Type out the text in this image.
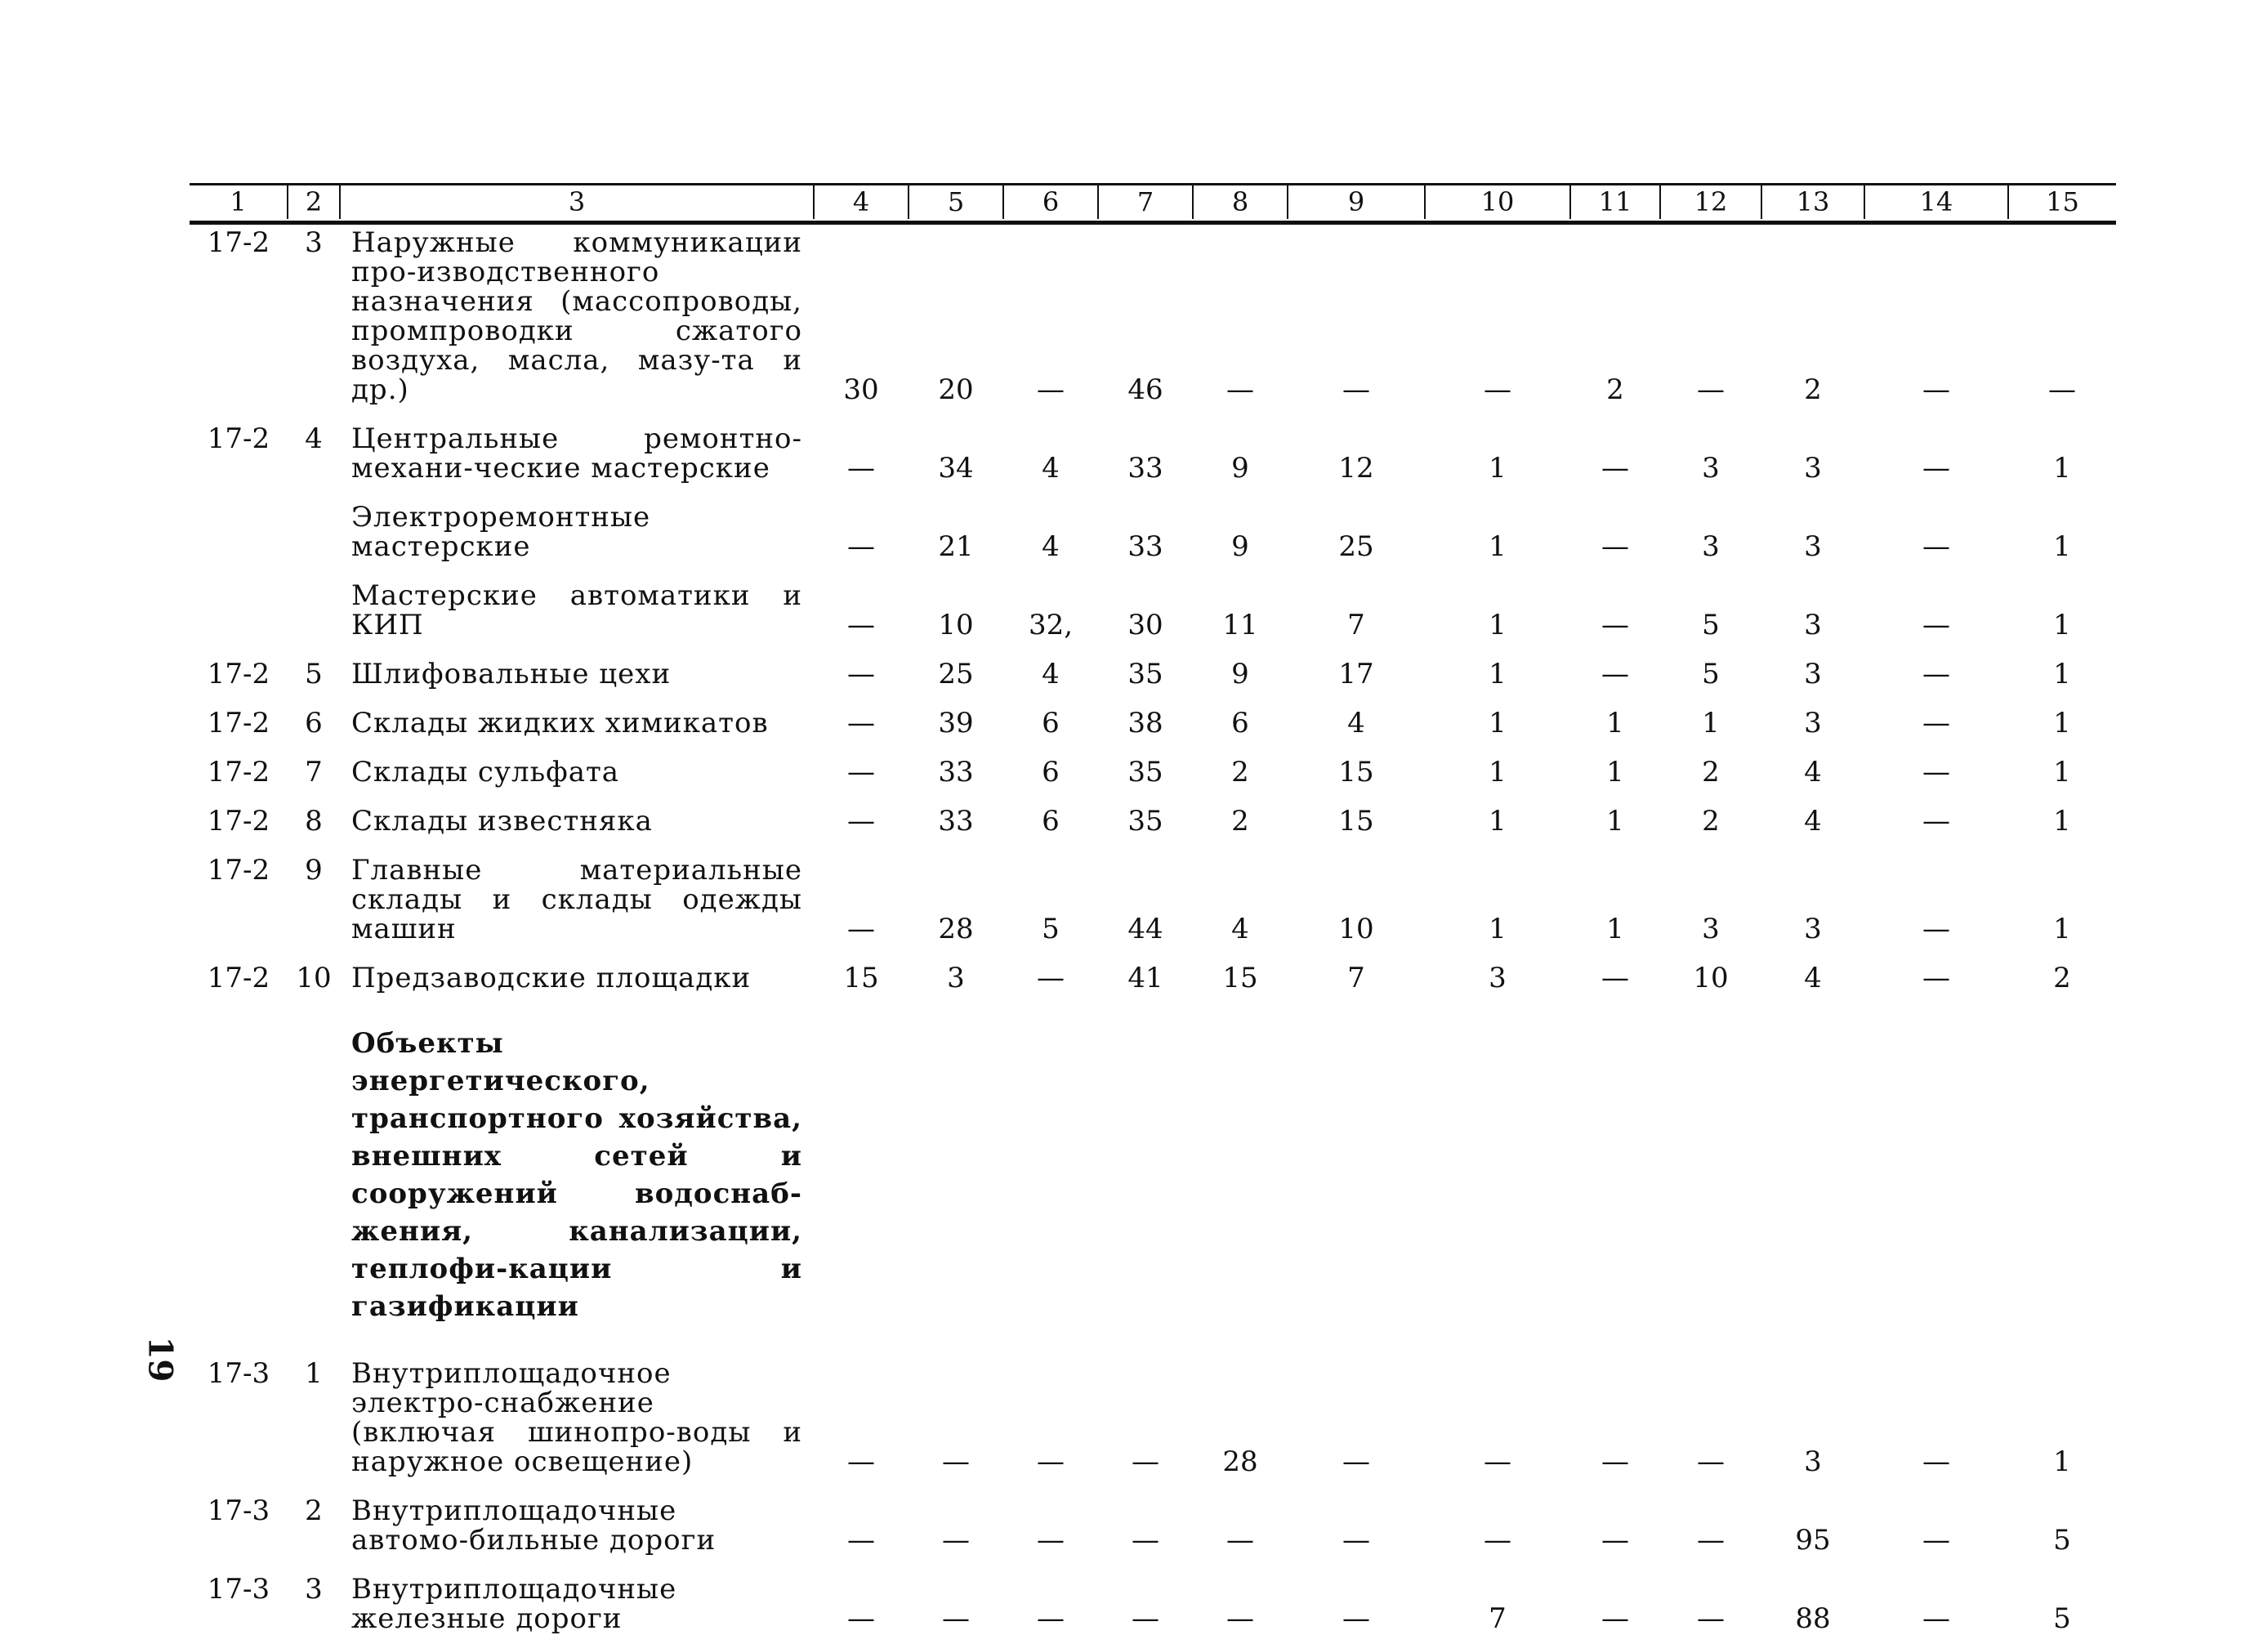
1	2	3	4	5	6	7	8	9	10	11	12	13	14	15
17-2	3	Наружные коммуникации про-изводственного назначения (массопроводы, промпроводки сжатого воздуха, масла, мазу-та и др.)	30	20	—	46	—	—	—	2	—	2	—	—
17-2	4	Центральные ремонтно-механи-ческие мастерские	—	34	4	33	9	12	1	—	3	3	—	1
		Электроремонтные мастерские	—	21	4	33	9	25	1	—	3	3	—	1
		Мастерские автоматики и КИП	—	10	32,	30	11	7	1	—	5	3	—	1
17-2	5	Шлифовальные цехи	—	25	4	35	9	17	1	—	5	3	—	1
17-2	6	Склады жидких химикатов	—	39	6	38	6	4	1	1	1	3	—	1
17-2	7	Склады сульфата	—	33	6	35	2	15	1	1	2	4	—	1
17-2	8	Склады известняка	—	33	6	35	2	15	1	1	2	4	—	1
17-2	9	Главные материальные склады и склады одежды машин	—	28	5	44	4	10	1	1	3	3	—	1
17-2	10	Предзаводские площадки	15	3	—	41	15	7	3	—	10	4	—	2
		Объекты энергетического, транспортного хозяйства, внешних сетей и сооружений водоснаб-жения, канализации, теплофи-кации и газификации												
17-3	1	Внутриплощадочное электро-снабжение (включая шинопро-воды и наружное освещение)	—	—	—	—	28	—	—	—	—	3	—	1
17-3	2	Внутриплощадочные автомо-бильные дороги	—	—	—	—	—	—	—	—	—	95	—	5
17-3	3	Внутриплощадочные железные дороги	—	—	—	—	—	—	7	—	—	88	—	5
19
